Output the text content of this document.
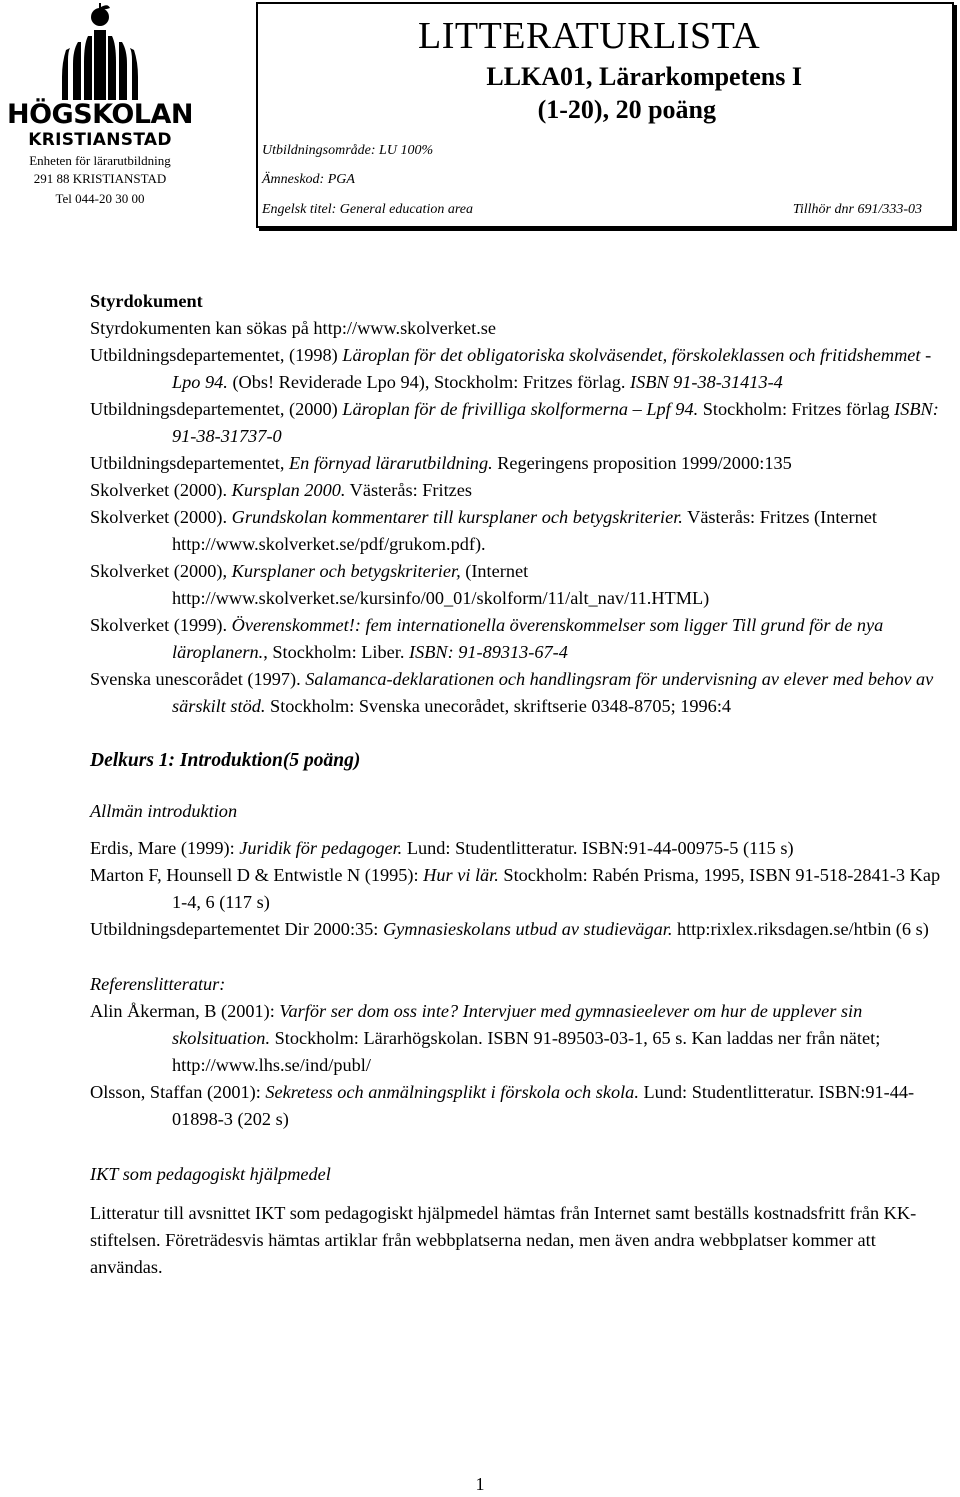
HÖGSKOLAN
KRISTIANSTAD
Enheten för lärarutbildning
291 88 KRISTIANSTAD
Tel 044-20 30 00
LITTERATURLISTA
LLKA01, Lärarkompetens I
(1-20), 20 poäng
Utbildningsområde: LU 100%
Ämneskod: PGA
Engelsk titel: General education area	Tillhör dnr 691/333-03

Styrdokument

Styrdokumenten kan sökas på http://www.skolverket.se

Utbildningsdepartementet, (1998) Läroplan för det obligatoriska skolväsendet, förskoleklassen och fritidshemmet - Lpo 94. (Obs! Reviderade Lpo 94), Stockholm: Fritzes förlag. ISBN 91-38-31413-4

Utbildningsdepartementet, (2000) Läroplan för de frivilliga skolformerna – Lpf 94. Stockholm: Fritzes förlag ISBN: 91-38-31737-0

Utbildningsdepartementet, En förnyad lärarutbildning. Regeringens proposition 1999/2000:135

Skolverket (2000). Kursplan 2000. Västerås: Fritzes

Skolverket (2000). Grundskolan kommentarer till kursplaner och betygskriterier. Västerås: Fritzes (Internet http://www.skolverket.se/pdf/grukom.pdf).

Skolverket (2000), Kursplaner och betygskriterier, (Internet http://www.skolverket.se/kursinfo/00_01/skolform/11/alt_nav/11.HTML)

Skolverket (1999). Överenskommet!: fem internationella överenskommelser som ligger Till grund för de nya läroplanern., Stockholm: Liber. ISBN: 91-89313-67-4

Svenska unescorådet (1997). Salamanca-deklarationen och handlingsram för undervisning av elever med behov av särskilt stöd. Stockholm: Svenska unecorådet, skriftserie 0348-8705; 1996:4

Delkurs 1: Introduktion(5 poäng)

Allmän introduktion

Erdis, Mare (1999): Juridik för pedagoger. Lund: Studentlitteratur. ISBN:91-44-00975-5 (115 s)

Marton F, Hounsell D & Entwistle N (1995): Hur vi lär. Stockholm: Rabén Prisma, 1995, ISBN 91-518-2841-3 Kap 1-4, 6 (117 s)

Utbildningsdepartementet Dir 2000:35: Gymnasieskolans utbud av studievägar. http:rixlex.riksdagen.se/htbin (6 s)

Referenslitteratur:

Alin Åkerman, B (2001): Varför ser dom oss inte? Intervjuer med gymnasieelever om hur de upplever sin skolsituation. Stockholm: Lärarhögskolan. ISBN 91-89503-03-1, 65 s. Kan laddas ner från nätet; http://www.lhs.se/ind/publ/

Olsson, Staffan (2001): Sekretess och anmälningsplikt i förskola och skola. Lund: Studentlitteratur. ISBN:91-44-01898-3 (202 s)

IKT som pedagogiskt hjälpmedel

Litteratur till avsnittet IKT som pedagogiskt hjälpmedel hämtas från Internet samt beställs kostnadsfritt från KK-stiftelsen. Företrädesvis hämtas artiklar från webbplatserna nedan, men även andra webbplatser kommer att användas.

1
